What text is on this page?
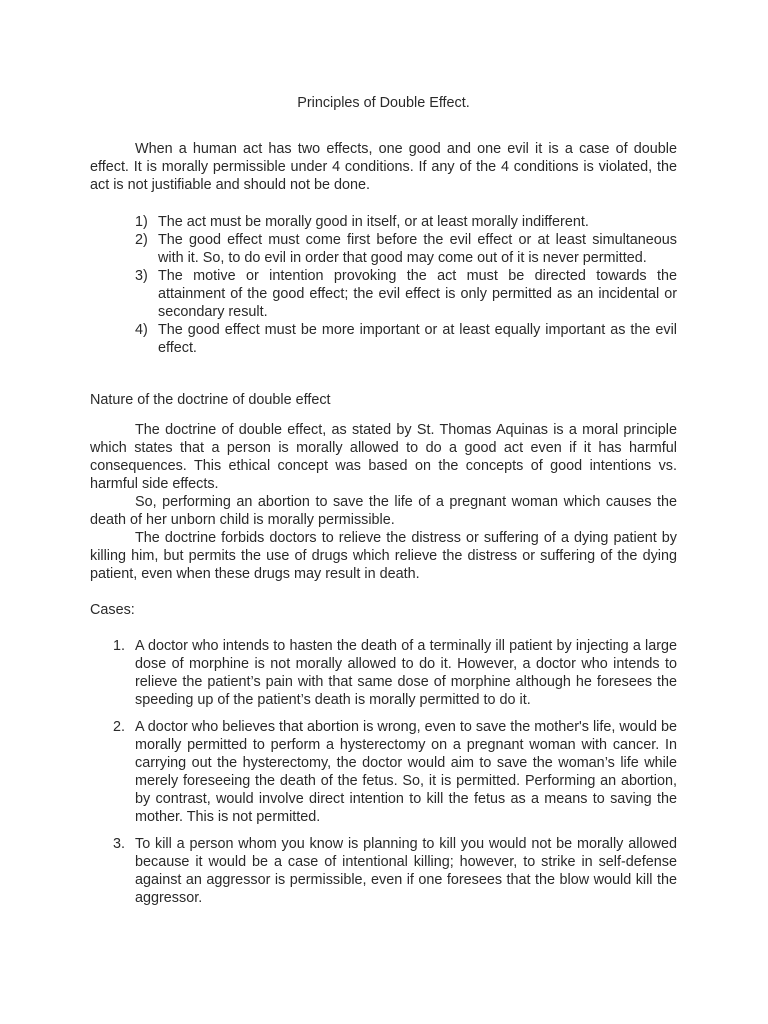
Principles of Double Effect.

When a human act has two effects, one good and one evil it is a case of double effect. It is morally permissible under 4 conditions. If any of the 4 conditions is violated, the act is not justifiable and should not be done.

1) The act must be morally good in itself, or at least morally indifferent.
2) The good effect must come first before the evil effect or at least simultaneous with it. So, to do evil in order that good may come out of it is never permitted.
3) The motive or intention provoking the act must be directed towards the attainment of the good effect; the evil effect is only permitted as an incidental or secondary result.
4) The good effect must be more important or at least equally important as the evil effect.
Nature of the doctrine of double effect

The doctrine of double effect, as stated by St. Thomas Aquinas is a moral principle which states that a person is morally allowed to do a good act even if it has harmful consequences. This ethical concept was based on the concepts of good intentions vs. harmful side effects.

So, performing an abortion to save the life of a pregnant woman which causes the death of her unborn child is morally permissible.

The doctrine forbids doctors to relieve the distress or suffering of a dying patient by killing him, but permits the use of drugs which relieve the distress or suffering of the dying patient, even when these drugs may result in death.

Cases:
1. A doctor who intends to hasten the death of a terminally ill patient by injecting a large dose of morphine is not morally allowed to do it. However, a doctor who intends to relieve the patient’s pain with that same dose of morphine although he foresees the speeding up of the patient’s death is morally permitted to do it.
2. A doctor who believes that abortion is wrong, even to save the mother's life, would be morally permitted to perform a hysterectomy on a pregnant woman with cancer. In carrying out the hysterectomy, the doctor would aim to save the woman’s life while merely foreseeing the death of the fetus. So, it is permitted. Performing an abortion, by contrast, would involve direct intention to kill the fetus as a means to saving the mother. This is not permitted.
3. To kill a person whom you know is planning to kill you would not be morally allowed because it would be a case of intentional killing; however, to strike in self-defense against an aggressor is permissible, even if one foresees that the blow would kill the aggressor.
